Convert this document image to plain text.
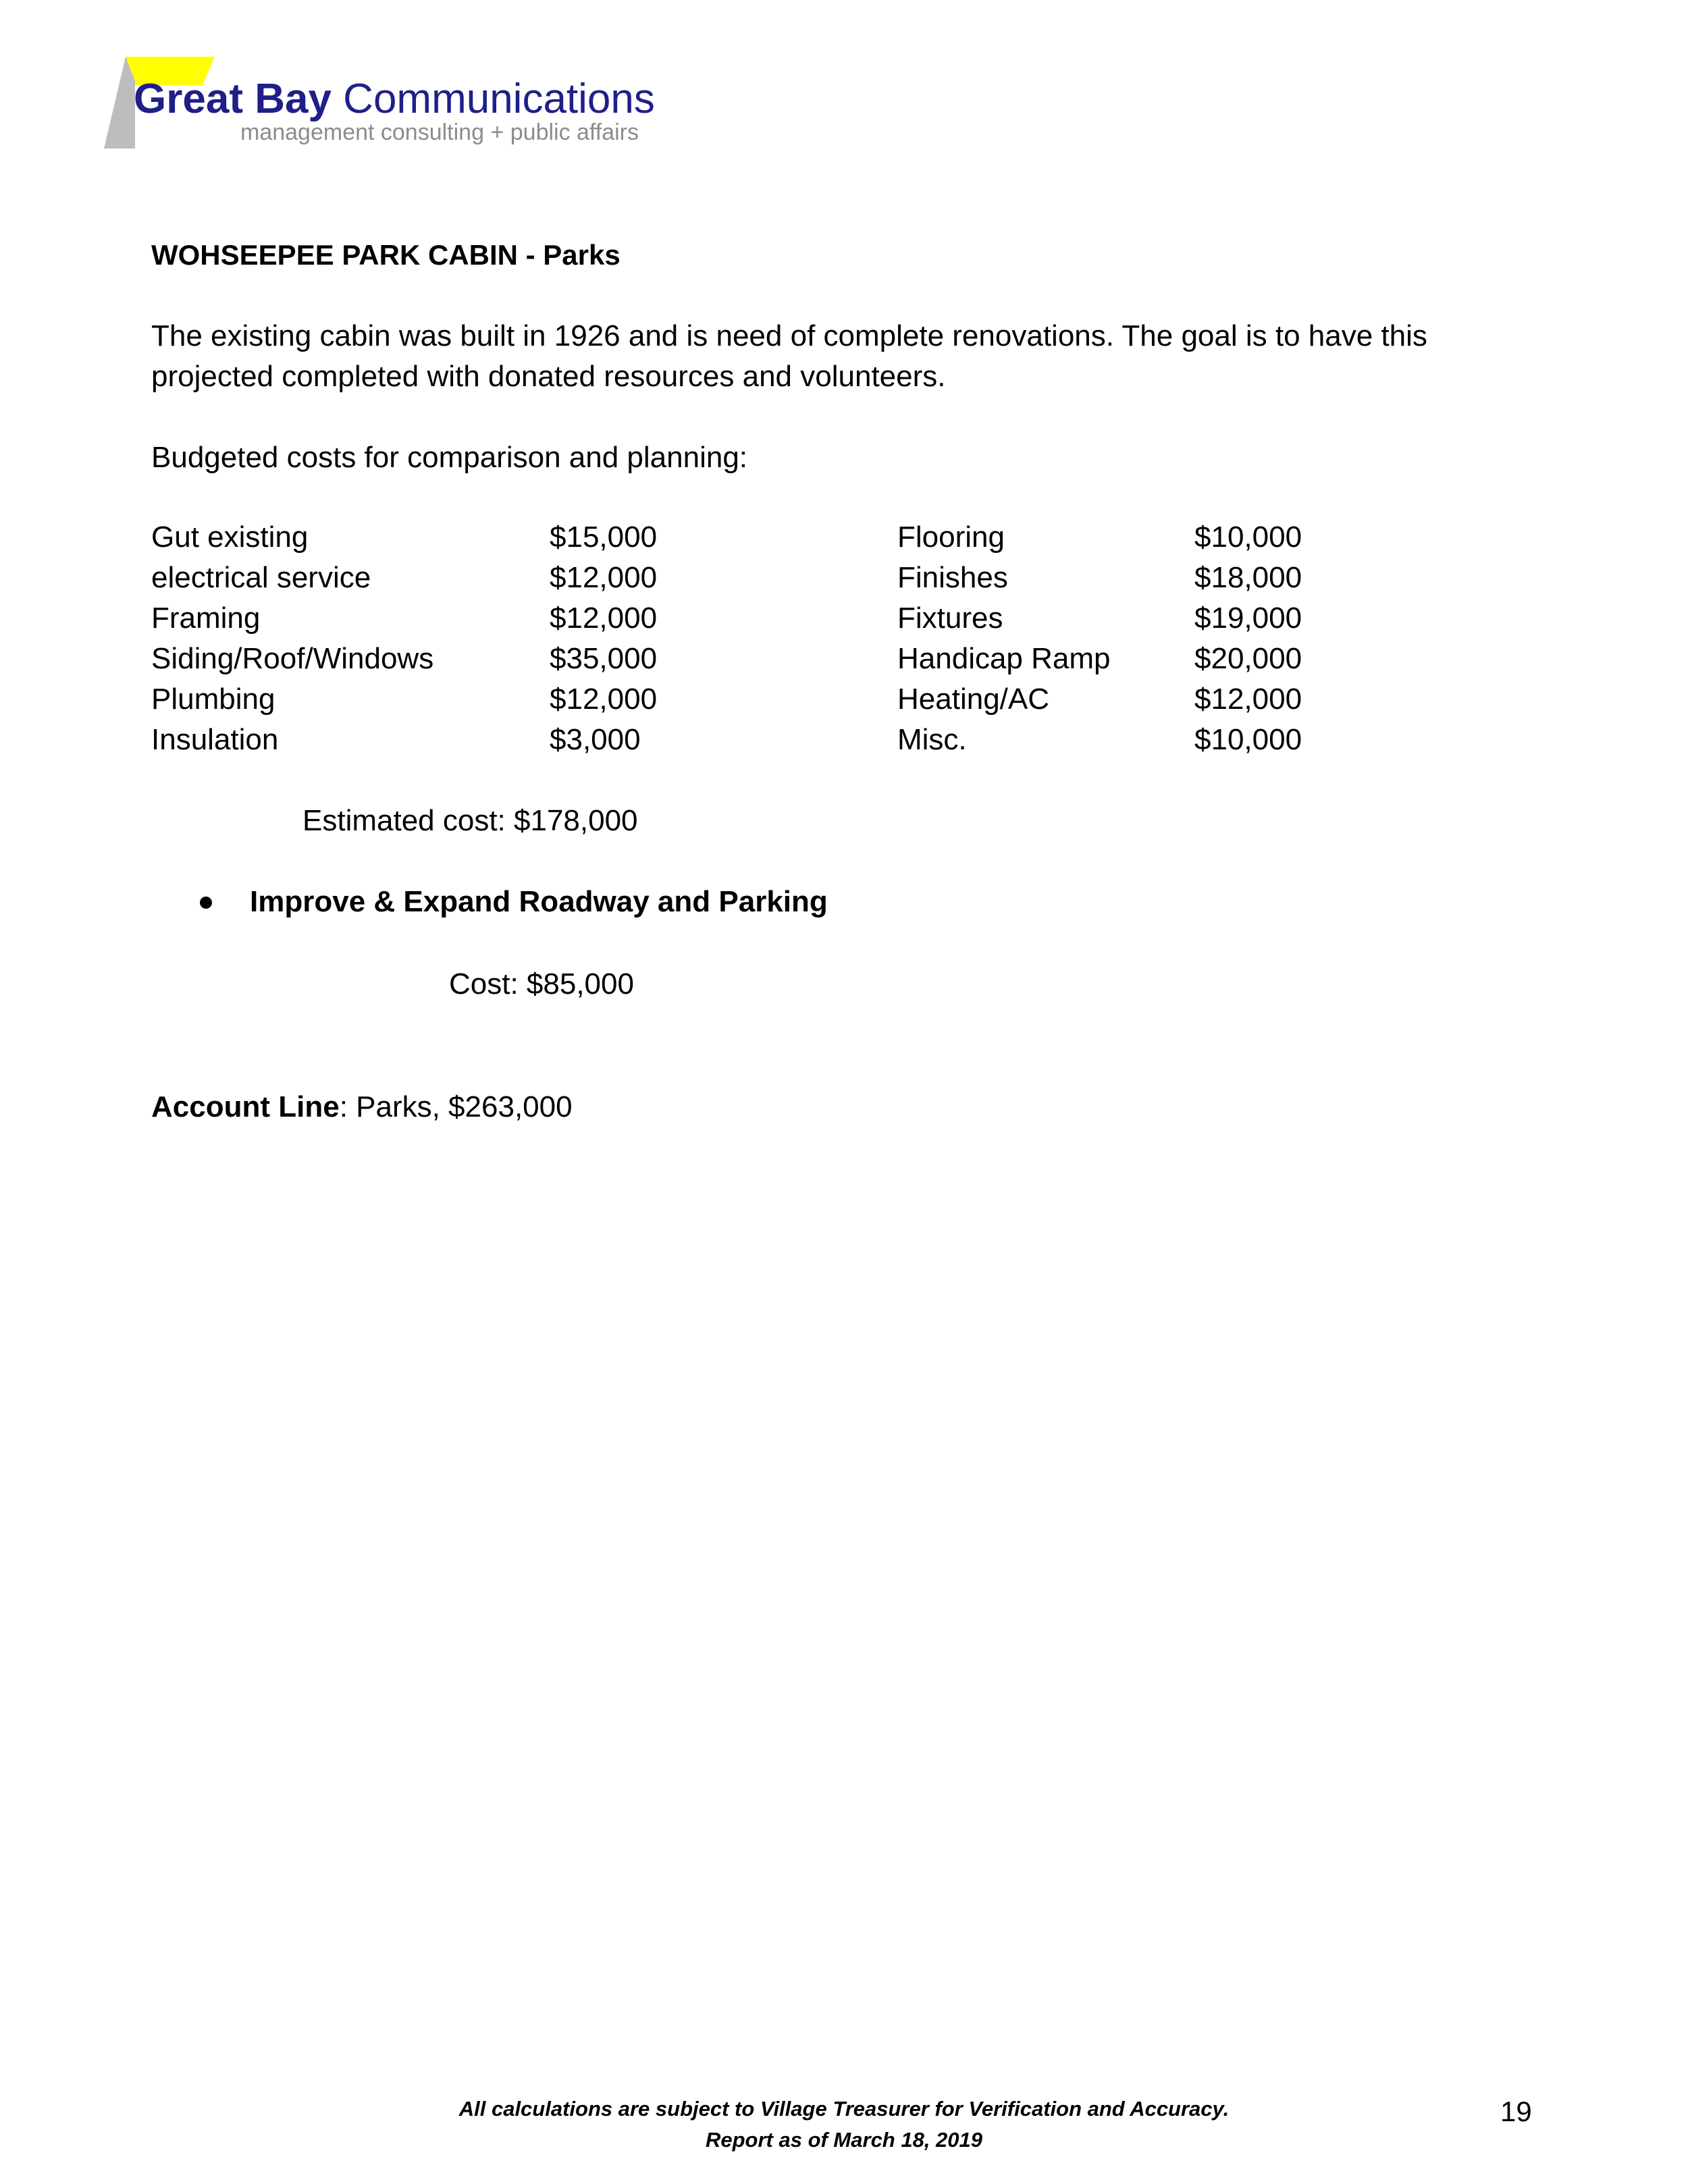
Great Bay Communications

management consulting + public affairs

WOHSEEPEE PARK CABIN - Parks

The existing cabin was built in 1926 and is need of complete renovations. The goal is to have this

projected completed with donated resources and volunteers.

Budgeted costs for comparison and planning:

Gut existing	$15,000	Flooring	$10,000
electrical service	$12,000	Finishes	$18,000
Framing	$12,000	Fixtures	$19,000
Siding/Roof/Windows	$35,000	Handicap Ramp	$20,000
Plumbing	$12,000	Heating/AC	$12,000
Insulation	$3,000	Misc.	$10,000

Estimated cost: $178,000

Improve & Expand Roadway and Parking

Cost: $85,000

Account Line: Parks, $263,000

All calculations are subject to Village Treasurer for Verification and Accuracy.

Report as of March 18, 2019

19
